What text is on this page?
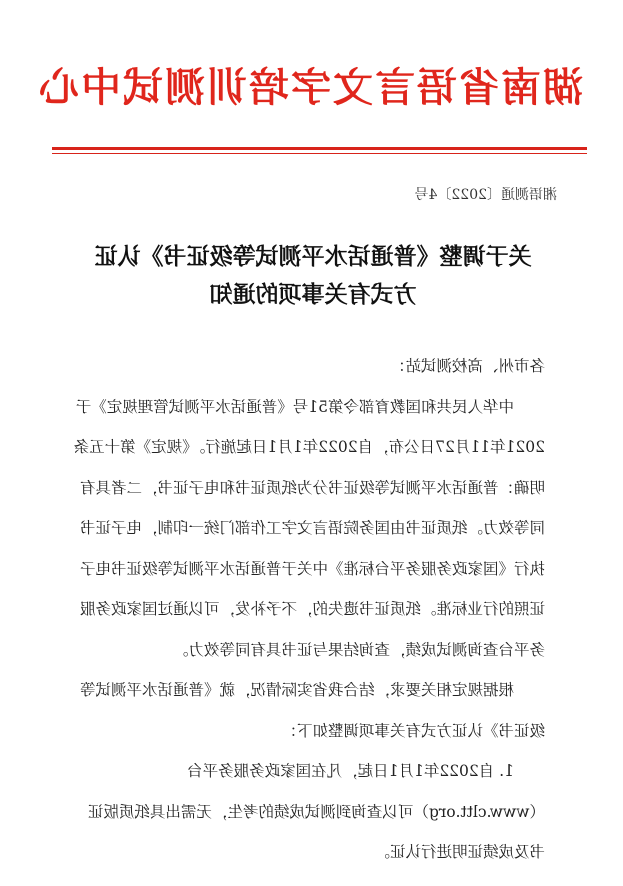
湖南省语言文字培训测试中心
湘语测通〔2022〕4号
关于调整《普通话水平测试等级证书》认证
方式有关事项的通知

各市州、高校测试站：

中华人民共和国教育部令第51号《普通话水平测试管理规定》于2021年11月27日公布，自2022年1月1日起施行。《规定》第十五条明确：普通话水平测试等级证书分为纸质证书和电子证书，二者具有同等效力。纸质证书由国务院语言文字工作部门统一印制，电子证书执行《国家政务服务平台标准》中关于普通话水平测试等级证书电子证照的行业标准。纸质证书遗失的，不予补发，可以通过国家政务服务平台查询测试成绩，查询结果与证书具有同等效力。

根据规定相关要求，结合我省实际情况，就《普通话水平测试等级证书》认证方式有关事项调整如下：

1. 自2022年1月1日起，凡在国家政务服务平台（www.cltt.org）可以查询到测试成绩的考生，无需出具纸质版证书及成绩证明进行认证。
